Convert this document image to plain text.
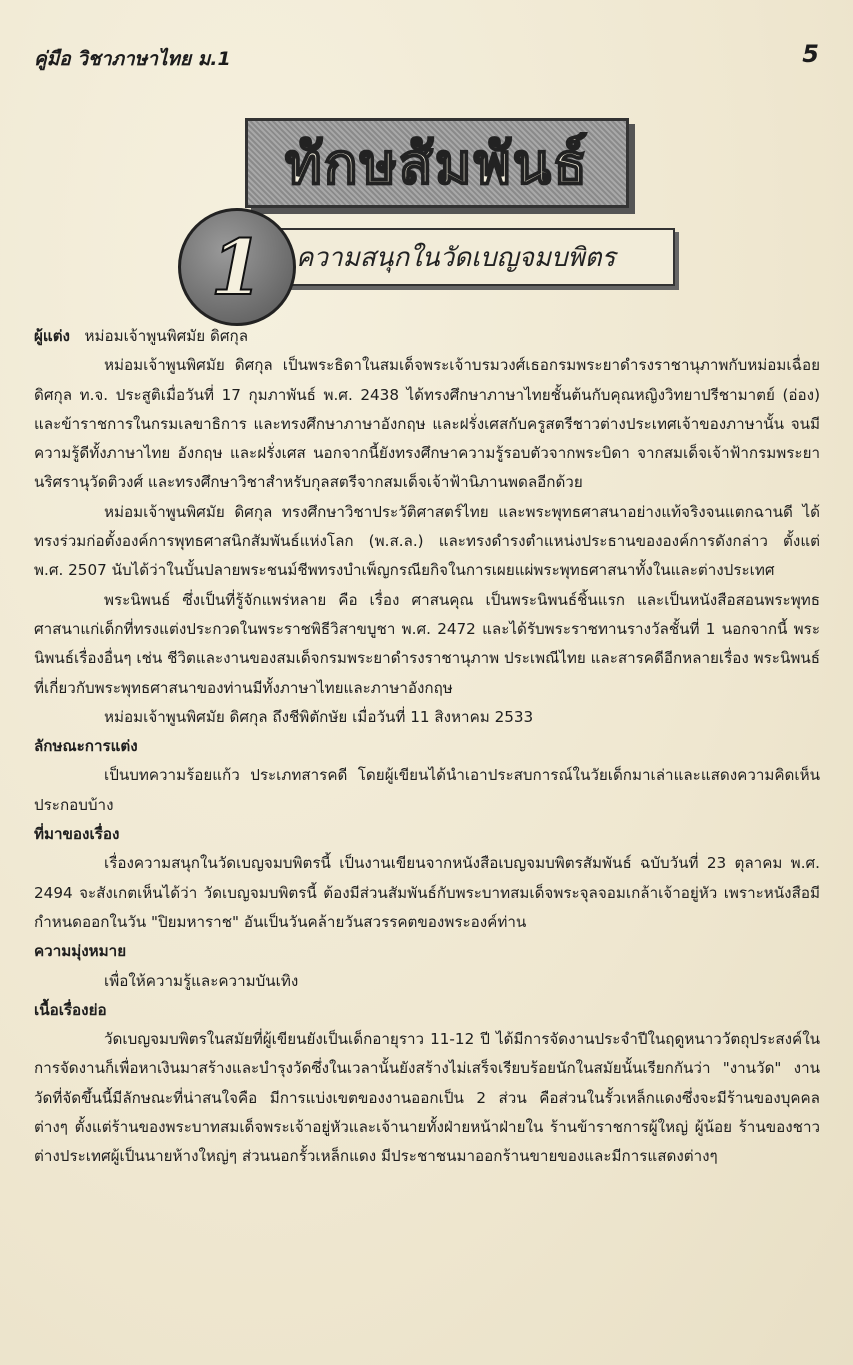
คู่มือ วิชาภาษาไทย ม.1	5
ทักษสัมพันธ์
ความสนุกในวัดเบญจมบพิตร
1

ผู้แต่ง หม่อมเจ้าพูนพิศมัย ดิศกุล

หม่อมเจ้าพูนพิศมัย ดิศกุล เป็นพระธิดาในสมเด็จพระเจ้าบรมวงศ์เธอกรมพระยาดำรงราชานุภาพกับหม่อมเฉื่อย ดิศกุล ท.จ. ประสูติเมื่อวันที่ 17 กุมภาพันธ์ พ.ศ. 2438 ได้ทรงศึกษาภาษาไทยชั้นต้นกับคุณหญิงวิทยาปรีชามาตย์ (อ่อง) และข้าราชการในกรมเลขาธิการ และทรงศึกษาภาษาอังกฤษ และฝรั่งเศสกับครูสตรีชาวต่างประเทศเจ้าของภาษานั้น จนมีความรู้ดีทั้งภาษาไทย อังกฤษ และฝรั่งเศส นอกจากนี้ยังทรงศึกษาความรู้รอบตัวจากพระบิดา จากสมเด็จเจ้าฟ้ากรมพระยานริศรานุวัดติวงศ์ และทรงศึกษาวิชาสำหรับกุลสตรีจากสมเด็จเจ้าฟ้านิภานพดลอีกด้วย

หม่อมเจ้าพูนพิศมัย ดิศกุล ทรงศึกษาวิชาประวัติศาสตร์ไทย และพระพุทธศาสนาอย่างแท้จริงจนแตกฉานดี ได้ทรงร่วมก่อตั้งองค์การพุทธศาสนิกสัมพันธ์แห่งโลก (พ.ส.ล.) และทรงดำรงตำแหน่งประธานขององค์การดังกล่าว ตั้งแต่ พ.ศ. 2507 นับได้ว่าในบั้นปลายพระชนม์ชีพทรงบำเพ็ญกรณียกิจในการเผยแผ่พระพุทธศาสนาทั้งในและต่างประเทศ

พระนิพนธ์ ซึ่งเป็นที่รู้จักแพร่หลาย คือ เรื่อง ศาสนคุณ เป็นพระนิพนธ์ชิ้นแรก และเป็นหนังสือสอนพระพุทธศาสนาแก่เด็กที่ทรงแต่งประกวดในพระราชพิธีวิสาขบูชา พ.ศ. 2472 และได้รับพระราชทานรางวัลชั้นที่ 1 นอกจากนี้ พระนิพนธ์เรื่องอื่นๆ เช่น ชีวิตและงานของสมเด็จกรมพระยาดำรงราชานุภาพ ประเพณีไทย และสารคดีอีกหลายเรื่อง พระนิพนธ์ที่เกี่ยวกับพระพุทธศาสนาของท่านมีทั้งภาษาไทยและภาษาอังกฤษ

หม่อมเจ้าพูนพิศมัย ดิศกุล ถึงชีพิตักษัย เมื่อวันที่ 11 สิงหาคม 2533

ลักษณะการแต่ง

เป็นบทความร้อยแก้ว ประเภทสารคดี โดยผู้เขียนได้นำเอาประสบการณ์ในวัยเด็กมาเล่าและแสดงความคิดเห็นประกอบบ้าง

ที่มาของเรื่อง

เรื่องความสนุกในวัดเบญจมบพิตรนี้ เป็นงานเขียนจากหนังสือเบญจมบพิตรสัมพันธ์ ฉบับวันที่ 23 ตุลาคม พ.ศ. 2494 จะสังเกตเห็นได้ว่า วัดเบญจมบพิตรนี้ ต้องมีส่วนสัมพันธ์กับพระบาทสมเด็จพระจุลจอมเกล้าเจ้าอยู่หัว เพราะหนังสือมีกำหนดออกในวัน "ปิยมหาราช" อันเป็นวันคล้ายวันสวรรคตของพระองค์ท่าน

ความมุ่งหมาย

เพื่อให้ความรู้และความบันเทิง

เนื้อเรื่องย่อ

วัดเบญจมบพิตรในสมัยที่ผู้เขียนยังเป็นเด็กอายุราว 11-12 ปี ได้มีการจัดงานประจำปีในฤดูหนาววัตถุประสงค์ในการจัดงานก็เพื่อหาเงินมาสร้างและบำรุงวัดซึ่งในเวลานั้นยังสร้างไม่เสร็จเรียบร้อยนักในสมัยนั้นเรียกกันว่า "งานวัด" งานวัดที่จัดขึ้นนี้มีลักษณะที่น่าสนใจคือ มีการแบ่งเขตของงานออกเป็น 2 ส่วน คือส่วนในรั้วเหล็กแดงซึ่งจะมีร้านของบุคคลต่างๆ ตั้งแต่ร้านของพระบาทสมเด็จพระเจ้าอยู่หัวและเจ้านายทั้งฝ่ายหน้าฝ่ายใน ร้านข้าราชการผู้ใหญ่ ผู้น้อย ร้านของชาวต่างประเทศผู้เป็นนายห้างใหญ่ๆ ส่วนนอกรั้วเหล็กแดง มีประชาชนมาออกร้านขายของและมีการแสดงต่างๆ
